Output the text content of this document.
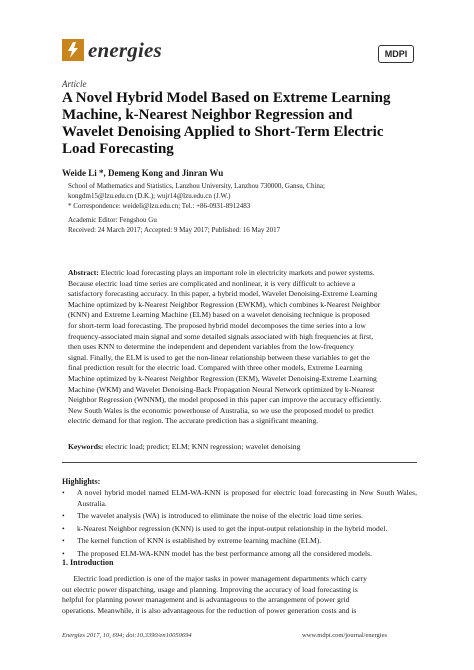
energies	MDPI
Article
A Novel Hybrid Model Based on Extreme Learning
Machine, k-Nearest Neighbor Regression and
Wavelet Denoising Applied to Short-Term Electric
Load Forecasting
Weide Li *, Demeng Kong and Jinran Wu
School of Mathematics and Statistics, Lanzhou University, Lanzhou 730000, Gansu, China;
kongdm15@lzu.edu.cn (D.K.); wujr14@lzu.edu.cn (J.W.)
* Correspondence: weideli@lzu.edu.cn; Tel.: +86-0931-8912483
Academic Editor: Fengshou Gu
Received: 24 March 2017; Accepted: 9 May 2017; Published: 16 May 2017
Abstract: Electric load forecasting plays an important role in electricity markets and power systems.
Because electric load time series are complicated and nonlinear, it is very difficult to achieve a
satisfactory forecasting accuracy. In this paper, a hybrid model, Wavelet Denoising-Extreme Learning
Machine optimized by k-Nearest Neighbor Regression (EWKM), which combines k-Nearest Neighbor
(KNN) and Extreme Learning Machine (ELM) based on a wavelet denoising technique is proposed
for short-term load forecasting. The proposed hybrid model decomposes the time series into a low
frequency-associated main signal and some detailed signals associated with high frequencies at first,
then uses KNN to determine the independent and dependent variables from the low-frequency
signal. Finally, the ELM is used to get the non-linear relationship between these variables to get the
final prediction result for the electric load. Compared with three other models, Extreme Learning
Machine optimized by k-Nearest Neighbor Regression (EKM), Wavelet Denoising-Extreme Learning
Machine (WKM) and Wavelet Denoising-Back Propagation Neural Network optimized by k-Nearest
Neighbor Regression (WNNM), the model proposed in this paper can improve the accuracy efficiently.
New South Wales is the economic powerhouse of Australia, so we use the proposed model to predict
electric demand for that region. The accurate prediction has a significant meaning.
Keywords: electric load; predict; ELM; KNN regression; wavelet denoising
Highlights:
• A novel hybrid model named ELM-WA-KNN is proposed for electric load forecasting in New South Wales, Australia.
• The wavelet analysis (WA) is introduced to eliminate the noise of the electric load time series.
• k-Nearest Neighbor regression (KNN) is used to get the input-output relationship in the hybrid model.
• The kernel function of KNN is established by extreme learning machine (ELM).
• The proposed ELM-WA-KNN model has the best performance among all the considered models.
1. Introduction
Electric load prediction is one of the major tasks in power management departments which carry
out electric power dispatching, usage and planning. Improving the accuracy of load forecasting is
helpful for planning power management and is advantageous to the arrangement of power grid
operations. Meanwhile, it is also advantageous for the reduction of power generation costs and is
Energies 2017, 10, 694; doi:10.3390/en10050694	www.mdpi.com/journal/energies
